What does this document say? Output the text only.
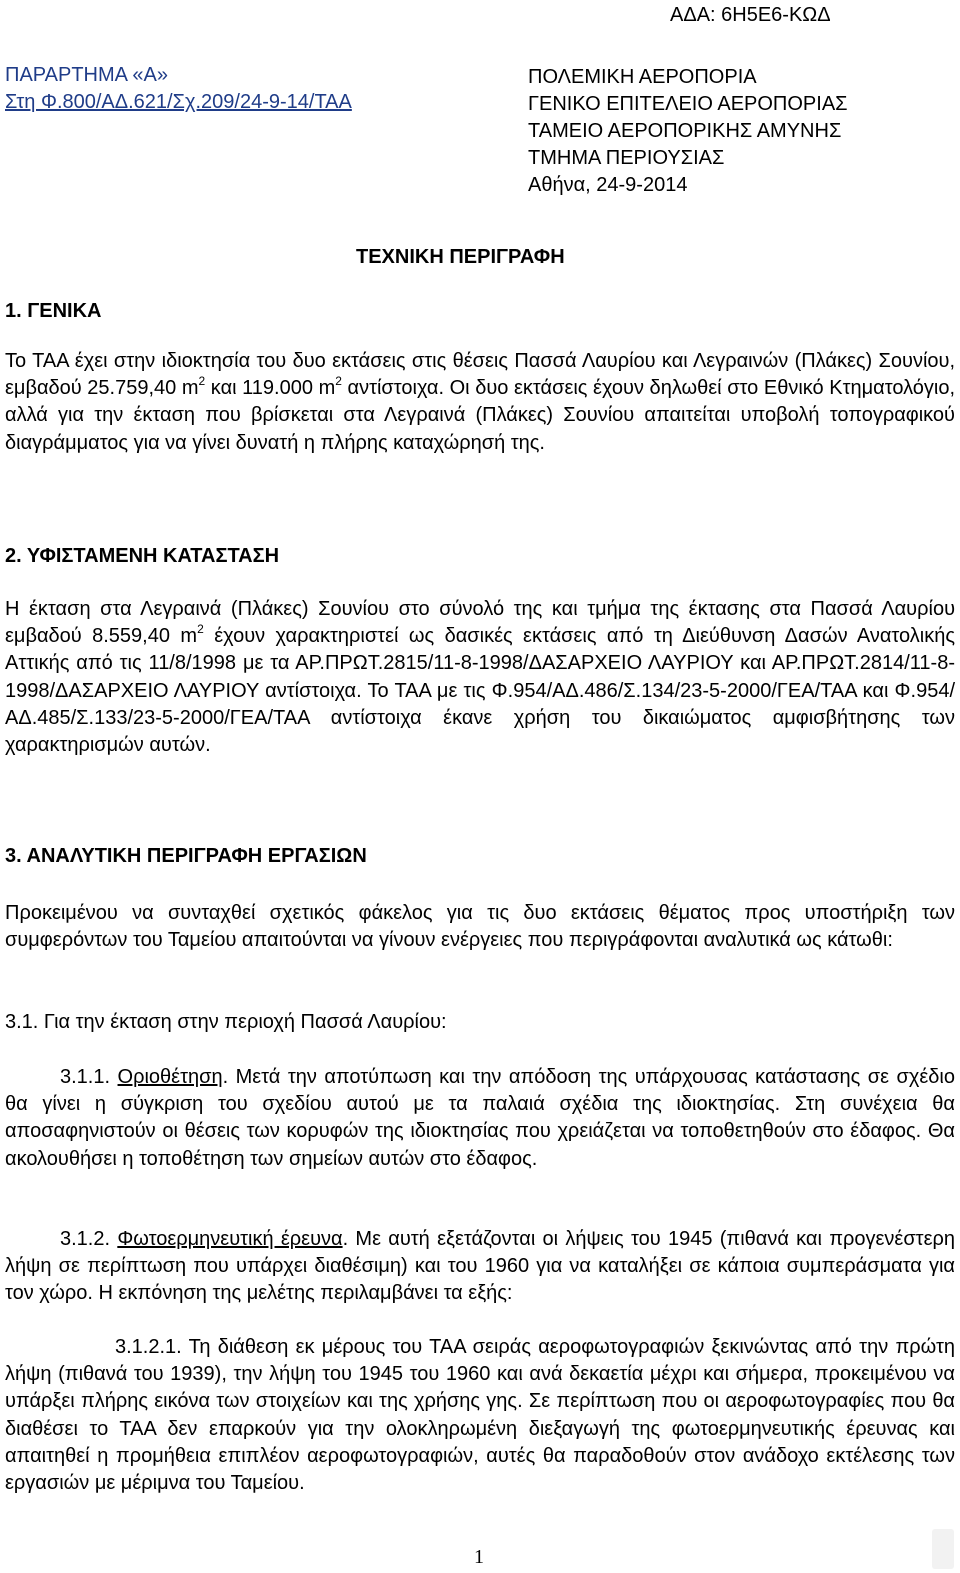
ΑΔΑ: 6Η5Ε6-ΚΩΔ
ΠΑΡΑΡΤΗΜΑ «Α»
Στη Φ.800/ΑΔ.621/Σχ.209/24-9-14/ΤΑΑ
ΠΟΛΕΜΙΚΗ ΑΕΡΟΠΟΡΙΑ
ΓΕΝΙΚΟ ΕΠΙΤΕΛΕΙΟ ΑΕΡΟΠΟΡΙΑΣ
ΤΑΜΕΙΟ ΑΕΡΟΠΟΡΙΚΗΣ ΑΜΥΝΗΣ
ΤΜΗΜΑ ΠΕΡΙΟΥΣΙΑΣ
Αθήνα, 24-9-2014
ΤΕΧΝΙΚΗ ΠΕΡΙΓΡΑΦΗ
1. ΓΕΝΙΚΑ

Το ΤΑΑ έχει στην ιδιοκτησία του δυο εκτάσεις στις θέσεις Πασσά Λαυρίου και Λεγραινών (Πλάκες) Σουνίου, εμβαδού 25.759,40 $m^2$ και 119.000 $m^2$ αντίστοιχα. Οι δυο εκτάσεις έχουν δηλωθεί στο Εθνικό Κτηματολόγιο, αλλά για την έκταση που βρίσκεται στα Λεγραινά (Πλάκες) Σουνίου απαιτείται υποβολή τοπογραφικού διαγράμματος για να γίνει δυνατή η πλήρης καταχώρησή της.

2. ΥΦΙΣΤΑΜΕΝΗ ΚΑΤΑΣΤΑΣΗ

Η έκταση στα Λεγραινά (Πλάκες) Σουνίου στο σύνολό της και τμήμα της έκτασης στα Πασσά Λαυρίου εμβαδού 8.559,40 $m^2$ έχουν χαρακτηριστεί ως δασικές εκτάσεις από τη Διεύθυνση Δασών Ανατολικής Αττικής από τις 11/8/1998 με τα ΑΡ.ΠΡΩΤ.2815/11-8-1998/ΔΑΣΑΡΧΕΙΟ ΛΑΥΡΙΟΥ και ΑΡ.ΠΡΩΤ.2814/11-8-1998/ΔΑΣΑΡΧΕΙΟ ΛΑΥΡΙΟΥ αντίστοιχα. Το ΤΑΑ με τις Φ.954/ΑΔ.486/Σ.134/23-5-2000/ΓΕΑ/ΤΑΑ και Φ.954/ΑΔ.485/Σ.133/23-5-2000/ΓΕΑ/ΤΑΑ αντίστοιχα έκανε χρήση του δικαιώματος αμφισβήτησης των χαρακτηρισμών αυτών.

3. ΑΝΑΛΥΤΙΚΗ ΠΕΡΙΓΡΑΦΗ ΕΡΓΑΣΙΩΝ

Προκειμένου να συνταχθεί σχετικός φάκελος για τις δυο εκτάσεις θέματος προς υποστήριξη των συμφερόντων του Ταμείου απαιτούνται να γίνουν ενέργειες που περιγράφονται αναλυτικά ως κάτωθι:

3.1. Για την έκταση στην περιοχή Πασσά Λαυρίου:

3.1.1. Οριοθέτηση. Μετά την αποτύπωση και την απόδοση της υπάρχουσας κατάστασης σε σχέδιο θα γίνει η σύγκριση του σχεδίου αυτού με τα παλαιά σχέδια της ιδιοκτησίας. Στη συνέχεια θα αποσαφηνιστούν οι θέσεις των κορυφών της ιδιοκτησίας που χρειάζεται να τοποθετηθούν στο έδαφος. Θα ακολουθήσει η τοποθέτηση των σημείων αυτών στο έδαφος.

3.1.2. Φωτοερμηνευτική έρευνα. Με αυτή εξετάζονται οι λήψεις του 1945 (πιθανά και προγενέστερη λήψη σε περίπτωση που υπάρχει διαθέσιμη) και του 1960 για να καταλήξει σε κάποια συμπεράσματα για τον χώρο. Η εκπόνηση της μελέτης περιλαμβάνει τα εξής:

3.1.2.1. Τη διάθεση εκ μέρους του ΤΑΑ σειράς αεροφωτογραφιών ξεκινώντας από την πρώτη λήψη (πιθανά του 1939), την λήψη του 1945 του 1960 και ανά δεκαετία μέχρι και σήμερα, προκειμένου να υπάρξει πλήρης εικόνα των στοιχείων και της χρήσης γης. Σε περίπτωση που οι αεροφωτογραφίες που θα διαθέσει το ΤΑΑ δεν επαρκούν για την ολοκληρωμένη διεξαγωγή της φωτοερμηνευτικής έρευνας και απαιτηθεί η προμήθεια επιπλέον αεροφωτογραφιών, αυτές θα παραδοθούν στον ανάδοχο εκτέλεσης των εργασιών με μέριμνα του Ταμείου.

1
